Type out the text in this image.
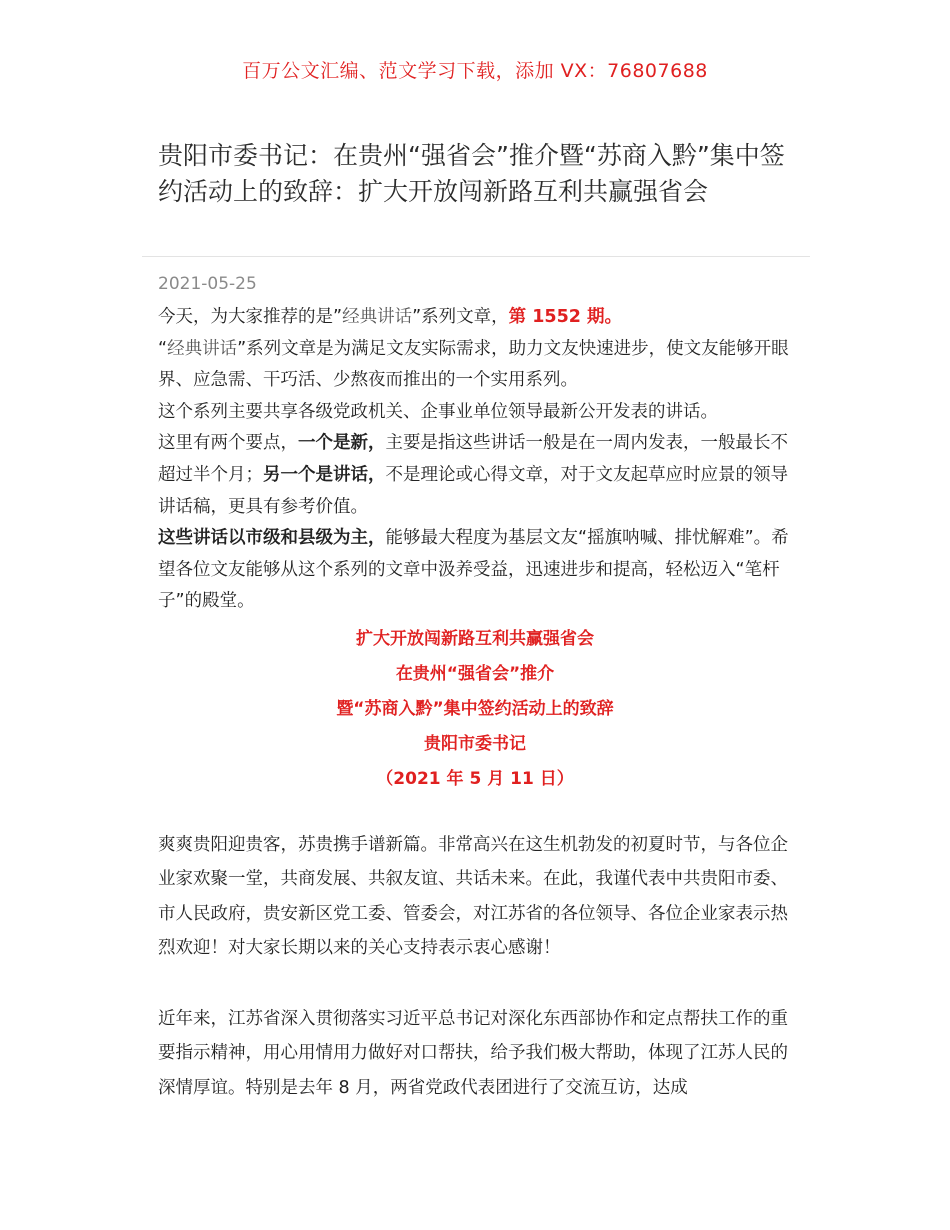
百万公文汇编、范文学习下载，添加 VX：76807688
贵阳市委书记：在贵州“强省会”推介暨“苏商入黔”集中签约活动上的致辞：扩大开放闯新路互利共赢强省会
2021-05-25

今天，为大家推荐的是”经典讲话”系列文章，第 1552 期。

“经典讲话”系列文章是为满足文友实际需求，助力文友快速进步，使文友能够开眼界、应急需、干巧活、少熬夜而推出的一个实用系列。

这个系列主要共享各级党政机关、企事业单位领导最新公开发表的讲话。

这里有两个要点，一个是新，主要是指这些讲话一般是在一周内发表，一般最长不超过半个月；另一个是讲话，不是理论或心得文章，对于文友起草应时应景的领导讲话稿，更具有参考价值。

这些讲话以市级和县级为主，能够最大程度为基层文友“摇旗呐喊、排忧解难”。希望各位文友能够从这个系列的文章中汲养受益，迅速进步和提高，轻松迈入“笔杆子”的殿堂。

扩大开放闯新路互利共赢强省会
在贵州“强省会”推介
暨“苏商入黔”集中签约活动上的致辞
贵阳市委书记
（2021 年 5 月 11 日）

爽爽贵阳迎贵客，苏贵携手谱新篇。非常高兴在这生机勃发的初夏时节，与各位企业家欢聚一堂，共商发展、共叙友谊、共话未来。在此，我谨代表中共贵阳市委、市人民政府，贵安新区党工委、管委会，对江苏省的各位领导、各位企业家表示热烈欢迎！对大家长期以来的关心支持表示衷心感谢！

近年来，江苏省深入贯彻落实习近平总书记对深化东西部协作和定点帮扶工作的重要指示精神，用心用情用力做好对口帮扶，给予我们极大帮助，体现了江苏人民的深情厚谊。特别是去年 8 月，两省党政代表团进行了交流互访，达成
